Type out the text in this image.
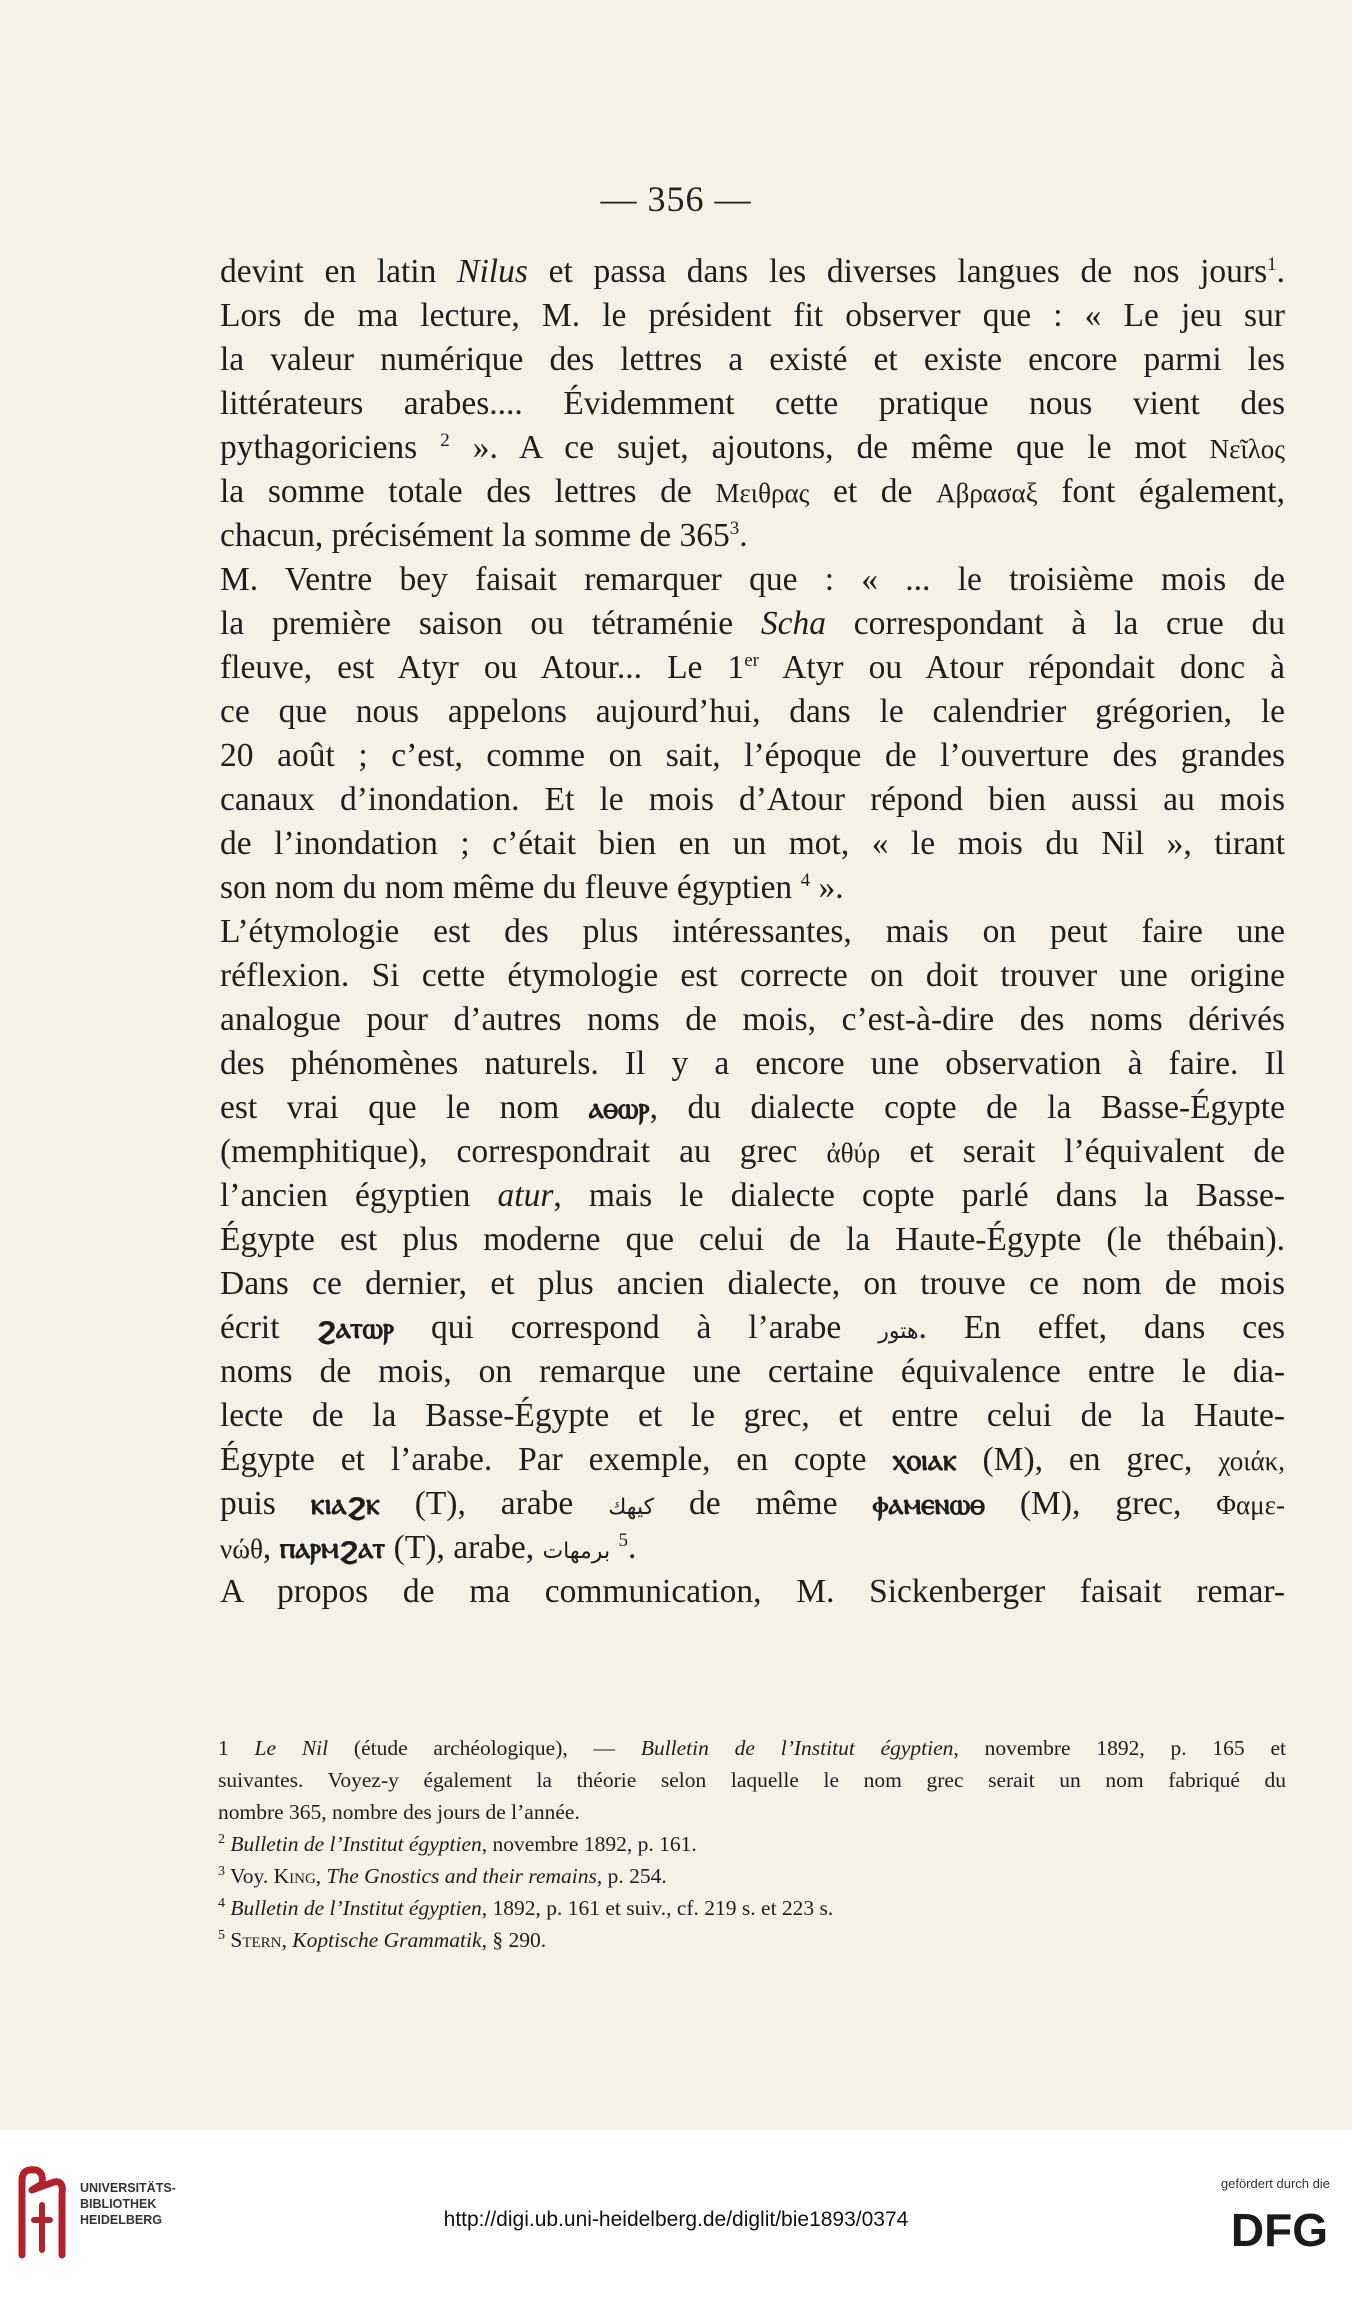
— 356 —
devint en latin Nilus et passa dans les diverses langues de nos jours$^1$.
Lors de ma lecture, M. le président fit observer que : « Le jeu sur
la valeur numérique des lettres a existé et existe encore parmi les
littérateurs arabes.... Évidemment cette pratique nous vient des
pythagoriciens $^2$ ». A ce sujet, ajoutons, de même que le mot Νεῖλος
la somme totale des lettres de Μειθρας et de Αβρασαξ font également,
chacun, précisément la somme de $365^3$.
M. Ventre bey faisait remarquer que : « ... le troisième mois de
la première saison ou tétraménie Scha correspondant à la crue du
fleuve, est Atyr ou Atour... Le 1er Atyr ou Atour répondait donc à
ce que nous appelons aujourd’hui, dans le calendrier grégorien, le
20 août ; c’est, comme on sait, l’époque de l’ouverture des grandes
canaux d’inondation. Et le mois d’Atour répond bien aussi au mois
de l’inondation ; c’était bien en un mot, « le mois du Nil », tirant
son nom du nom même du fleuve égyptien $^4$ ».
L’étymologie est des plus intéressantes, mais on peut faire une
réflexion. Si cette étymologie est correcte on doit trouver une origine
analogue pour d’autres noms de mois, c’est-à-dire des noms dérivés
des phénomènes naturels. Il y a encore une observation à faire. Il
est vrai que le nom ⲁⲑⲱⲣ, du dialecte copte de la Basse-Égypte
(memphitique), correspondrait au grec ἀθύρ et serait l’équivalent de
l’ancien égyptien atur, mais le dialecte copte parlé dans la Basse-
Égypte est plus moderne que celui de la Haute-Égypte (le thébain).
Dans ce dernier, et plus ancien dialecte, on trouve ce nom de mois
écrit ϩⲁⲧⲱⲣ qui correspond à l’arabe هتور. En effet, dans ces
noms de mois, on remarque une certaine équivalence entre le dia-
lecte de la Basse-Égypte et le grec, et entre celui de la Haute-
Égypte et l’arabe. Par exemple, en copte ⲭⲟⲓⲁⲕ (M), en grec, χοιάκ,
puis ⲕⲓⲁϩⲕ (T), arabe كيهك de même ⲫⲁⲙⲉⲛⲱⲑ (M), grec, Φαμε-
νώθ, ⲡⲁⲣⲙϩⲁⲧ (T), arabe, برمهات $^5$.
A propos de ma communication, M. Sickenberger faisait remar-
1 Le Nil (étude archéologique), — Bulletin de l’Institut égyptien, novembre 1892, p. 165 et
suivantes. Voyez-y également la théorie selon laquelle le nom grec serait un nom fabriqué du
nombre 365, nombre des jours de l’année.
$^2$ Bulletin de l’Institut égyptien, novembre 1892, p. 161.
$^3$ Voy. King, The Gnostics and their remains, p. 254.
$^4$ Bulletin de l’Institut égyptien, 1892, p. 161 et suiv., cf. 219 s. et 223 s.
$^5$ Stern, Koptische Grammatik, § 290.
UNIVERSITÄTS-
BIBLIOTHEK
HEIDELBERG	http://digi.ub.uni-heidelberg.de/diglit/bie1893/0374
gefördert durch die
DFG
